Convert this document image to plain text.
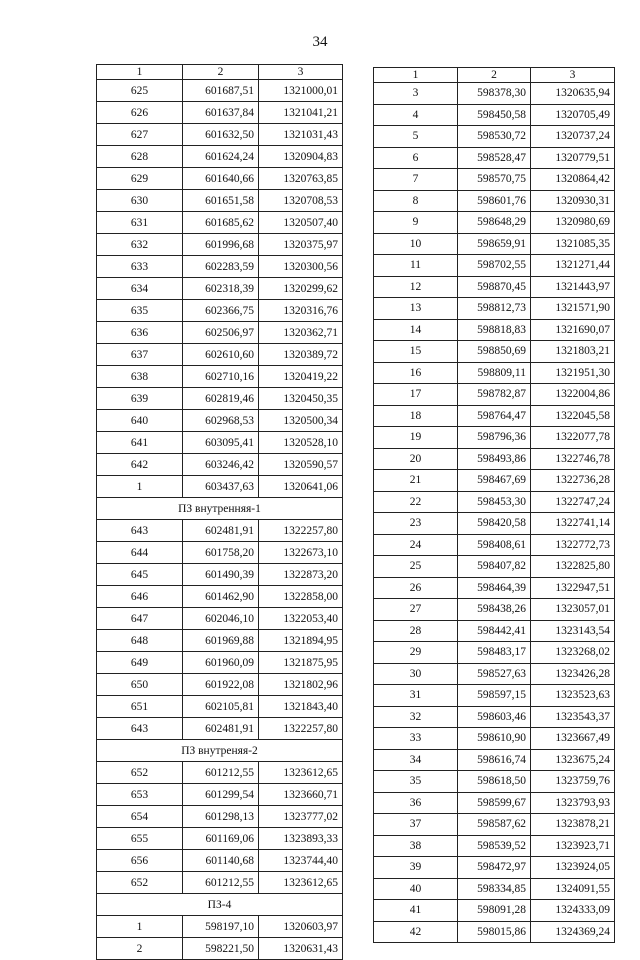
34
1	2	3
625	601687,51	1321000,01
626	601637,84	1321041,21
627	601632,50	1321031,43
628	601624,24	1320904,83
629	601640,66	1320763,85
630	601651,58	1320708,53
631	601685,62	1320507,40
632	601996,68	1320375,97
633	602283,59	1320300,56
634	602318,39	1320299,62
635	602366,75	1320316,76
636	602506,97	1320362,71
637	602610,60	1320389,72
638	602710,16	1320419,22
639	602819,46	1320450,35
640	602968,53	1320500,34
641	603095,41	1320528,10
642	603246,42	1320590,57
1	603437,63	1320641,06
ПЗ внутренняя-1		
643	602481,91	1322257,80
644	601758,20	1322673,10
645	601490,39	1322873,20
646	601462,90	1322858,00
647	602046,10	1322053,40
648	601969,88	1321894,95
649	601960,09	1321875,95
650	601922,08	1321802,96
651	602105,81	1321843,40
643	602481,91	1322257,80
ПЗ внутреняя-2		
652	601212,55	1323612,65
653	601299,54	1323660,71
654	601298,13	1323777,02
655	601169,06	1323893,33
656	601140,68	1323744,40
652	601212,55	1323612,65
ПЗ-4		
1	598197,10	1320603,97
2	598221,50	1320631,43
1	2	3
3	598378,30	1320635,94
4	598450,58	1320705,49
5	598530,72	1320737,24
6	598528,47	1320779,51
7	598570,75	1320864,42
8	598601,76	1320930,31
9	598648,29	1320980,69
10	598659,91	1321085,35
11	598702,55	1321271,44
12	598870,45	1321443,97
13	598812,73	1321571,90
14	598818,83	1321690,07
15	598850,69	1321803,21
16	598809,11	1321951,30
17	598782,87	1322004,86
18	598764,47	1322045,58
19	598796,36	1322077,78
20	598493,86	1322746,78
21	598467,69	1322736,28
22	598453,30	1322747,24
23	598420,58	1322741,14
24	598408,61	1322772,73
25	598407,82	1322825,80
26	598464,39	1322947,51
27	598438,26	1323057,01
28	598442,41	1323143,54
29	598483,17	1323268,02
30	598527,63	1323426,28
31	598597,15	1323523,63
32	598603,46	1323543,37
33	598610,90	1323667,49
34	598616,74	1323675,24
35	598618,50	1323759,76
36	598599,67	1323793,93
37	598587,62	1323878,21
38	598539,52	1323923,71
39	598472,97	1323924,05
40	598334,85	1324091,55
41	598091,28	1324333,09
42	598015,86	1324369,24
